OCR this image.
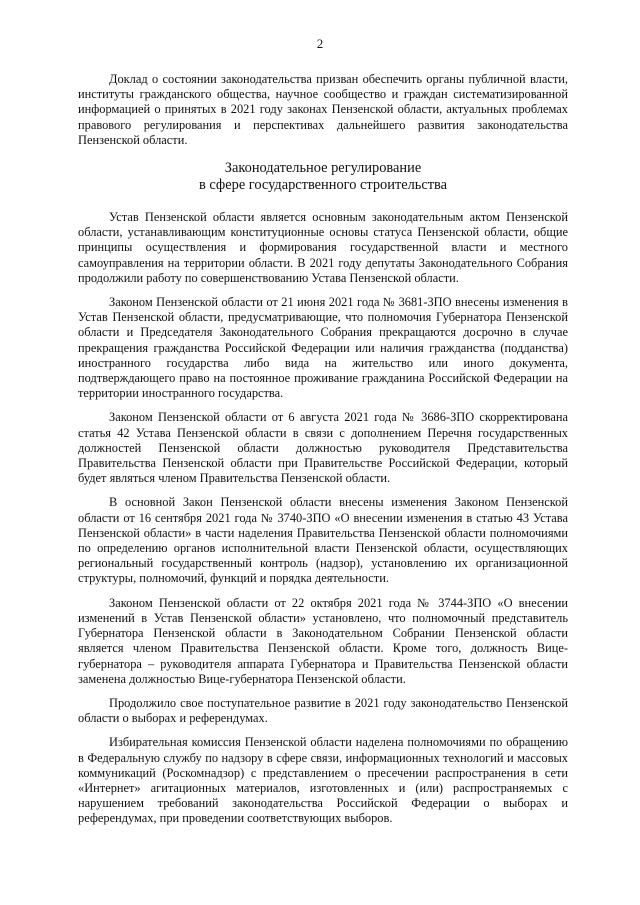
2

Доклад о состоянии законодательства призван обеспечить органы публичной власти, институты гражданского общества, научное сообщество и граждан систематизированной информацией о принятых в 2021 году законах Пензенской области, актуальных проблемах правового регулирования и перспективах дальнейшего развития законодательства Пензенской области.

Законодательное регулирование
в сфере государственного строительства

Устав Пензенской области является основным законодательным актом Пензенской области, устанавливающим конституционные основы статуса Пензенской области, общие принципы осуществления и формирования государственной власти и местного самоуправления на территории области. В 2021 году депутаты Законодательного Собрания продолжили работу по совершенствованию Устава Пензенской области.

Законом Пензенской области от 21 июня 2021 года № 3681-ЗПО внесены изменения в Устав Пензенской области, предусматривающие, что полномочия Губернатора Пензенской области и Председателя Законодательного Собрания прекращаются досрочно в случае прекращения гражданства Российской Федерации или наличия гражданства (подданства) иностранного государства либо вида на жительство или иного документа, подтверждающего право на постоянное проживание гражданина Российской Федерации на территории иностранного государства.

Законом Пензенской области от 6 августа 2021 года № 3686-ЗПО скорректирована статья 42 Устава Пензенской области в связи с дополнением Перечня государственных должностей Пензенской области должностью руководителя Представительства Правительства Пензенской области при Правительстве Российской Федерации, который будет являться членом Правительства Пензенской области.

В основной Закон Пензенской области внесены изменения Законом Пензенской области от 16 сентября 2021 года № 3740-ЗПО «О внесении изменения в статью 43 Устава Пензенской области» в части наделения Правительства Пензенской области полномочиями по определению органов исполнительной власти Пензенской области, осуществляющих региональный государственный контроль (надзор), установлению их организационной структуры, полномочий, функций и порядка деятельности.

Законом Пензенской области от 22 октября 2021 года № 3744-ЗПО «О внесении изменений в Устав Пензенской области» установлено, что полномочный представитель Губернатора Пензенской области в Законодательном Собрании Пензенской области является членом Правительства Пензенской области. Кроме того, должность Вице-губернатора – руководителя аппарата Губернатора и Правительства Пензенской области заменена должностью Вице-губернатора Пензенской области.

Продолжило свое поступательное развитие в 2021 году законодательство Пензенской области о выборах и референдумах.

Избирательная комиссия Пензенской области наделена полномочиями по обращению в Федеральную службу по надзору в сфере связи, информационных технологий и массовых коммуникаций (Роскомнадзор) с представлением о пресечении распространения в сети «Интернет» агитационных материалов, изготовленных и (или) распространяемых с нарушением требований законодательства Российской Федерации о выборах и референдумах, при проведении соответствующих выборов.
